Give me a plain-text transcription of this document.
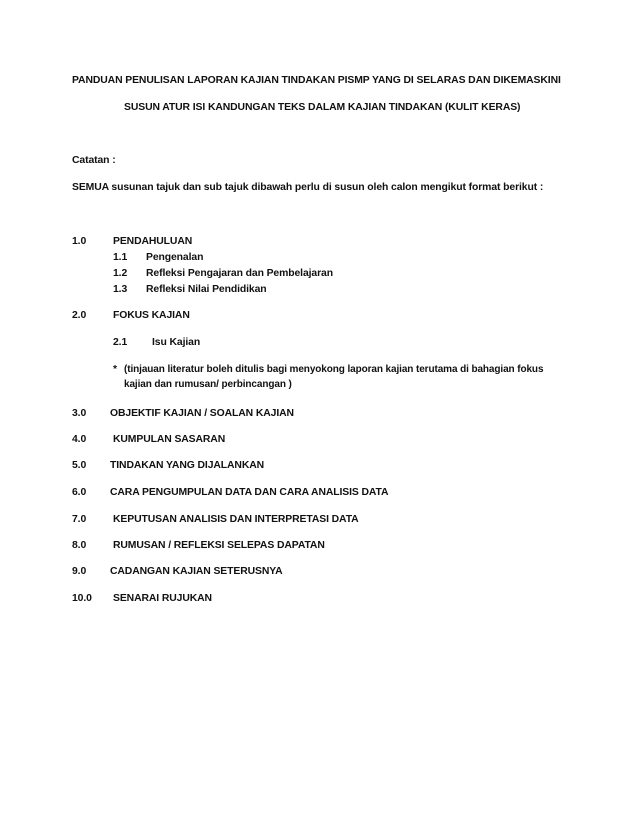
PANDUAN PENULISAN LAPORAN KAJIAN TINDAKAN PISMP YANG DI SELARAS DAN DIKEMASKINI
SUSUN ATUR ISI KANDUNGAN TEKS DALAM KAJIAN TINDAKAN (KULIT KERAS)
Catatan :
SEMUA susunan tajuk dan sub tajuk dibawah perlu di susun oleh calon mengikut format berikut :
1.0	PENDAHULUAN
1.1 Pengenalan
1.2 Refleksi Pengajaran dan Pembelajaran
1.3 Refleksi Nilai Pendidikan
2.0	FOKUS KAJIAN
2.1 Isu Kajian
* (tinjauan literatur boleh ditulis bagi menyokong laporan kajian terutama di bahagian fokus
kajian dan rumusan/ perbincangan )
3.0 OBJEKTIF KAJIAN / SOALAN KAJIAN
4.0	KUMPULAN SASARAN
5.0 TINDAKAN YANG DIJALANKAN
6.0 CARA PENGUMPULAN DATA DAN CARA ANALISIS DATA
7.0	KEPUTUSAN ANALISIS DAN INTERPRETASI DATA
8.0	RUMUSAN / REFLEKSI SELEPAS DAPATAN
9.0 CADANGAN KAJIAN SETERUSNYA
10.0 SENARAI RUJUKAN
